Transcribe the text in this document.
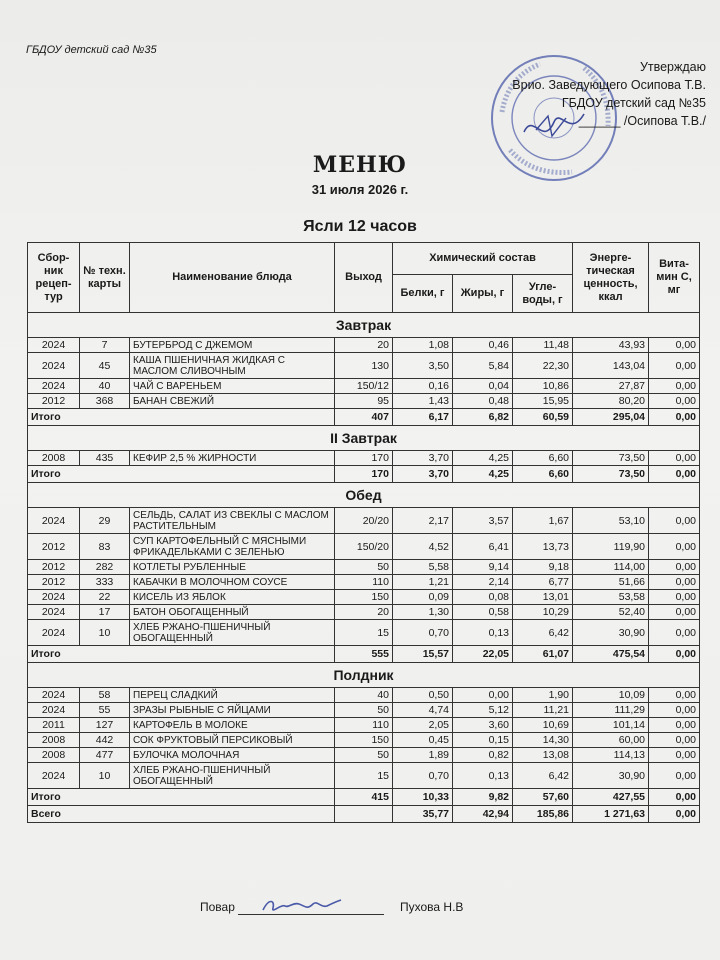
ГБДОУ детский сад №35
Утверждаю
Врио. Заведующего Осипова Т.В.
ГБДОУ детский сад №35
______ /Осипова Т.В./
МЕНЮ
31 июля 2026 г.
Ясли 12 часов
Сбор-ник рецеп-тур	№ техн. карты	Наименование блюда	Выход	Химический состав			Энерге-тическая ценность, ккал	Вита-мин С, мг
				Белки, г	Жиры, г	Угле-воды, г		
Завтрак								
2024	7	БУТЕРБРОД С ДЖЕМОМ	20	1,08	0,46	11,48	43,93	0,00
2024	45	КАША ПШЕНИЧНАЯ ЖИДКАЯ С МАСЛОМ СЛИВОЧНЫМ	130	3,50	5,84	22,30	143,04	0,00
2024	40	ЧАЙ С ВАРЕНЬЕМ	150/12	0,16	0,04	10,86	27,87	0,00
2012	368	БАНАН СВЕЖИЙ	95	1,43	0,48	15,95	80,20	0,00
Итого			407	6,17	6,82	60,59	295,04	0,00
II Завтрак								
2008	435	КЕФИР 2,5 % ЖИРНОСТИ	170	3,70	4,25	6,60	73,50	0,00
Итого			170	3,70	4,25	6,60	73,50	0,00
Обед								
2024	29	СЕЛЬДЬ, САЛАТ ИЗ СВЕКЛЫ С МАСЛОМ РАСТИТЕЛЬНЫМ	20/20	2,17	3,57	1,67	53,10	0,00
2012	83	СУП КАРТОФЕЛЬНЫЙ С МЯСНЫМИ ФРИКАДЕЛЬКАМИ С ЗЕЛЕНЬЮ	150/20	4,52	6,41	13,73	119,90	0,00
2012	282	КОТЛЕТЫ РУБЛЕННЫЕ	50	5,58	9,14	9,18	114,00	0,00
2012	333	КАБАЧКИ В МОЛОЧНОМ СОУСЕ	110	1,21	2,14	6,77	51,66	0,00
2024	22	КИСЕЛЬ ИЗ ЯБЛОК	150	0,09	0,08	13,01	53,58	0,00
2024	17	БАТОН ОБОГАЩЕННЫЙ	20	1,30	0,58	10,29	52,40	0,00
2024	10	ХЛЕБ РЖАНО-ПШЕНИЧНЫЙ ОБОГАЩЕННЫЙ	15	0,70	0,13	6,42	30,90	0,00
Итого			555	15,57	22,05	61,07	475,54	0,00
Полдник								
2024	58	ПЕРЕЦ СЛАДКИЙ	40	0,50	0,00	1,90	10,09	0,00
2024	55	ЗРАЗЫ РЫБНЫЕ С ЯЙЦАМИ	50	4,74	5,12	11,21	111,29	0,00
2011	127	КАРТОФЕЛЬ В МОЛОКЕ	110	2,05	3,60	10,69	101,14	0,00
2008	442	СОК ФРУКТОВЫЙ ПЕРСИКОВЫЙ	150	0,45	0,15	14,30	60,00	0,00
2008	477	БУЛОЧКА МОЛОЧНАЯ	50	1,89	0,82	13,08	114,13	0,00
2024	10	ХЛЕБ РЖАНО-ПШЕНИЧНЫЙ ОБОГАЩЕННЫЙ	15	0,70	0,13	6,42	30,90	0,00
Итого			415	10,33	9,82	57,60	427,55	0,00
Всего				35,77	42,94	185,86	1 271,63	0,00
Повар	Пухова Н.В
